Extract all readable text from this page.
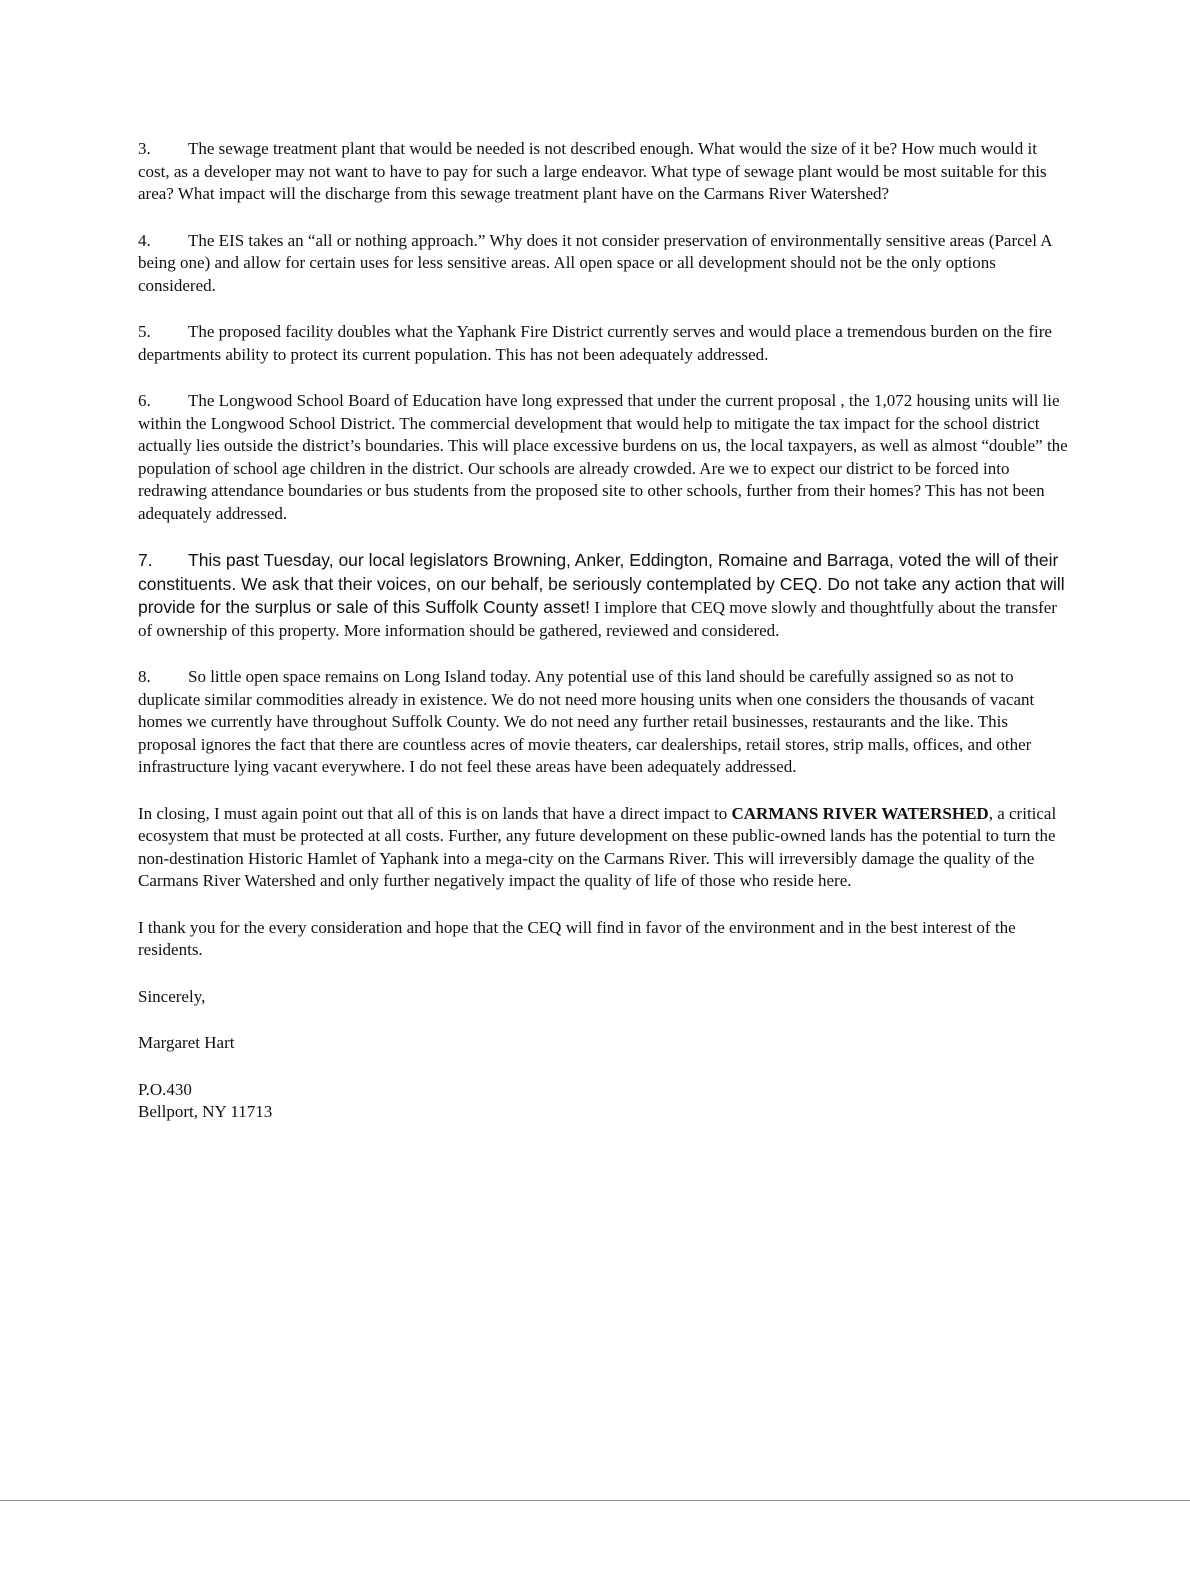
3. The sewage treatment plant that would be needed is not described enough. What would the size of it be? How much would it cost, as a developer may not want to have to pay for such a large endeavor. What type of sewage plant would be most suitable for this area? What impact will the discharge from this sewage treatment plant have on the Carmans River Watershed?

4. The EIS takes an “all or nothing approach.” Why does it not consider preservation of environmentally sensitive areas (Parcel A being one) and allow for certain uses for less sensitive areas. All open space or all development should not be the only options considered.

5. The proposed facility doubles what the Yaphank Fire District currently serves and would place a tremendous burden on the fire departments ability to protect its current population. This has not been adequately addressed.

6. The Longwood School Board of Education have long expressed that under the current proposal , the 1,072 housing units will lie within the Longwood School District. The commercial development that would help to mitigate the tax impact for the school district actually lies outside the district’s boundaries. This will place excessive burdens on us, the local taxpayers, as well as almost “double” the population of school age children in the district. Our schools are already crowded. Are we to expect our district to be forced into redrawing attendance boundaries or bus students from the proposed site to other schools, further from their homes? This has not been adequately addressed.

7. This past Tuesday, our local legislators Browning, Anker, Eddington, Romaine and Barraga, voted the will of their constituents. We ask that their voices, on our behalf, be seriously contemplated by CEQ. Do not take any action that will provide for the surplus or sale of this Suffolk County asset! I implore that CEQ move slowly and thoughtfully about the transfer of ownership of this property. More information should be gathered, reviewed and considered.

8. So little open space remains on Long Island today. Any potential use of this land should be carefully assigned so as not to duplicate similar commodities already in existence. We do not need more housing units when one considers the thousands of vacant homes we currently have throughout Suffolk County. We do not need any further retail businesses, restaurants and the like. This proposal ignores the fact that there are countless acres of movie theaters, car dealerships, retail stores, strip malls, offices, and other infrastructure lying vacant everywhere. I do not feel these areas have been adequately addressed.

In closing, I must again point out that all of this is on lands that have a direct impact to CARMANS RIVER WATERSHED, a critical ecosystem that must be protected at all costs. Further, any future development on these public-owned lands has the potential to turn the non-destination Historic Hamlet of Yaphank into a mega-city on the Carmans River. This will irreversibly damage the quality of the Carmans River Watershed and only further negatively impact the quality of life of those who reside here.

I thank you for the every consideration and hope that the CEQ will find in favor of the environment and in the best interest of the residents.

Sincerely,

Margaret Hart

P.O.430

Bellport, NY 11713
